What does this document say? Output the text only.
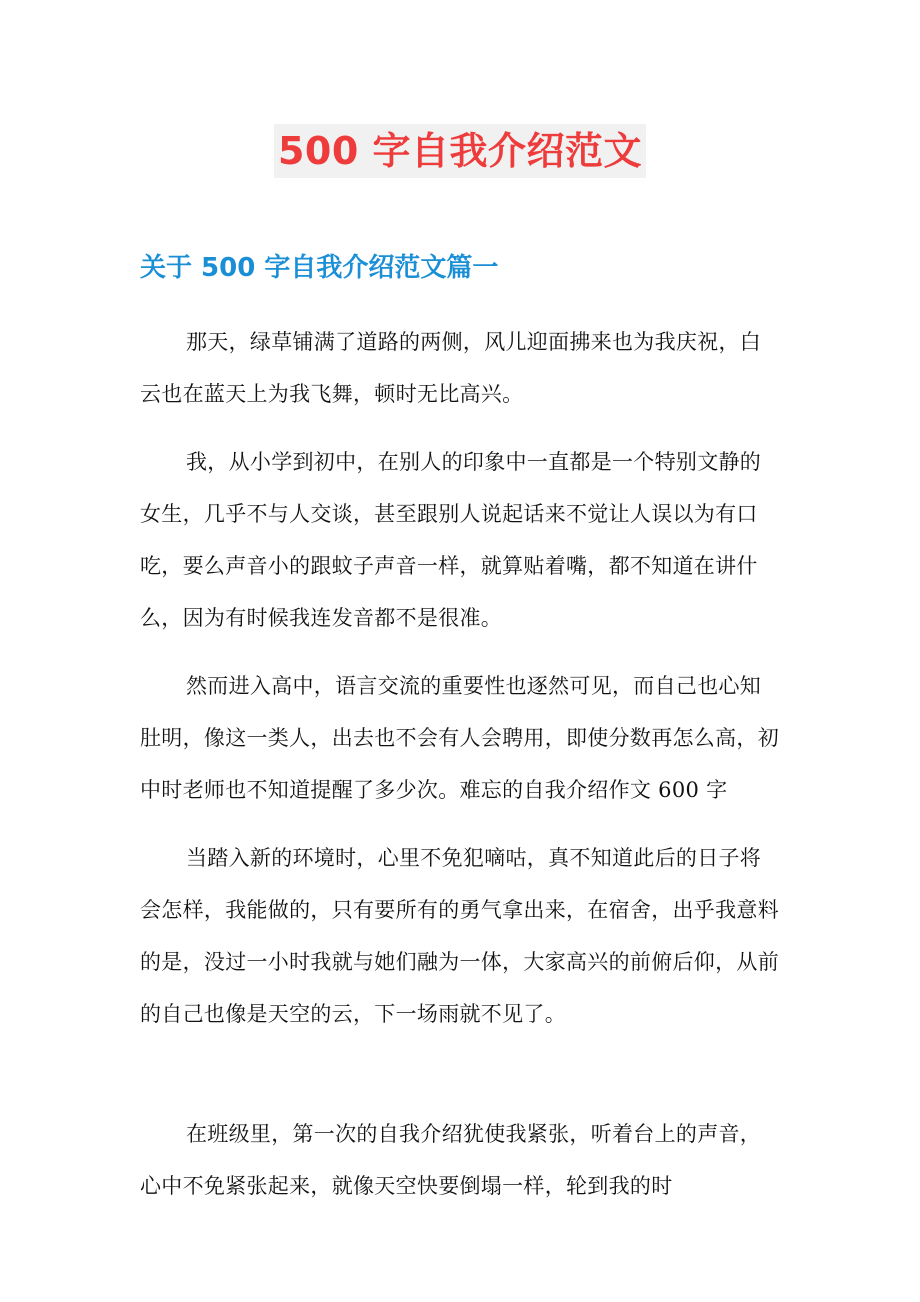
500 字自我介绍范文
关于 500 字自我介绍范文篇一

那天，绿草铺满了道路的两侧，风儿迎面拂来也为我庆祝，白云也在蓝天上为我飞舞，顿时无比高兴。

我，从小学到初中，在别人的印象中一直都是一个特别文静的女生，几乎不与人交谈，甚至跟别人说起话来不觉让人误以为有口吃，要么声音小的跟蚊子声音一样，就算贴着嘴，都不知道在讲什么，因为有时候我连发音都不是很准。

然而进入高中，语言交流的重要性也逐然可见，而自己也心知肚明，像这一类人，出去也不会有人会聘用，即使分数再怎么高，初中时老师也不知道提醒了多少次。难忘的自我介绍作文 600 字

当踏入新的环境时，心里不免犯嘀咕，真不知道此后的日子将会怎样，我能做的，只有要所有的勇气拿出来，在宿舍，出乎我意料的是，没过一小时我就与她们融为一体，大家高兴的前俯后仰，从前的自己也像是天空的云，下一场雨就不见了。

在班级里，第一次的自我介绍犹使我紧张，听着台上的声音，心中不免紧张起来，就像天空快要倒塌一样，轮到我的时
